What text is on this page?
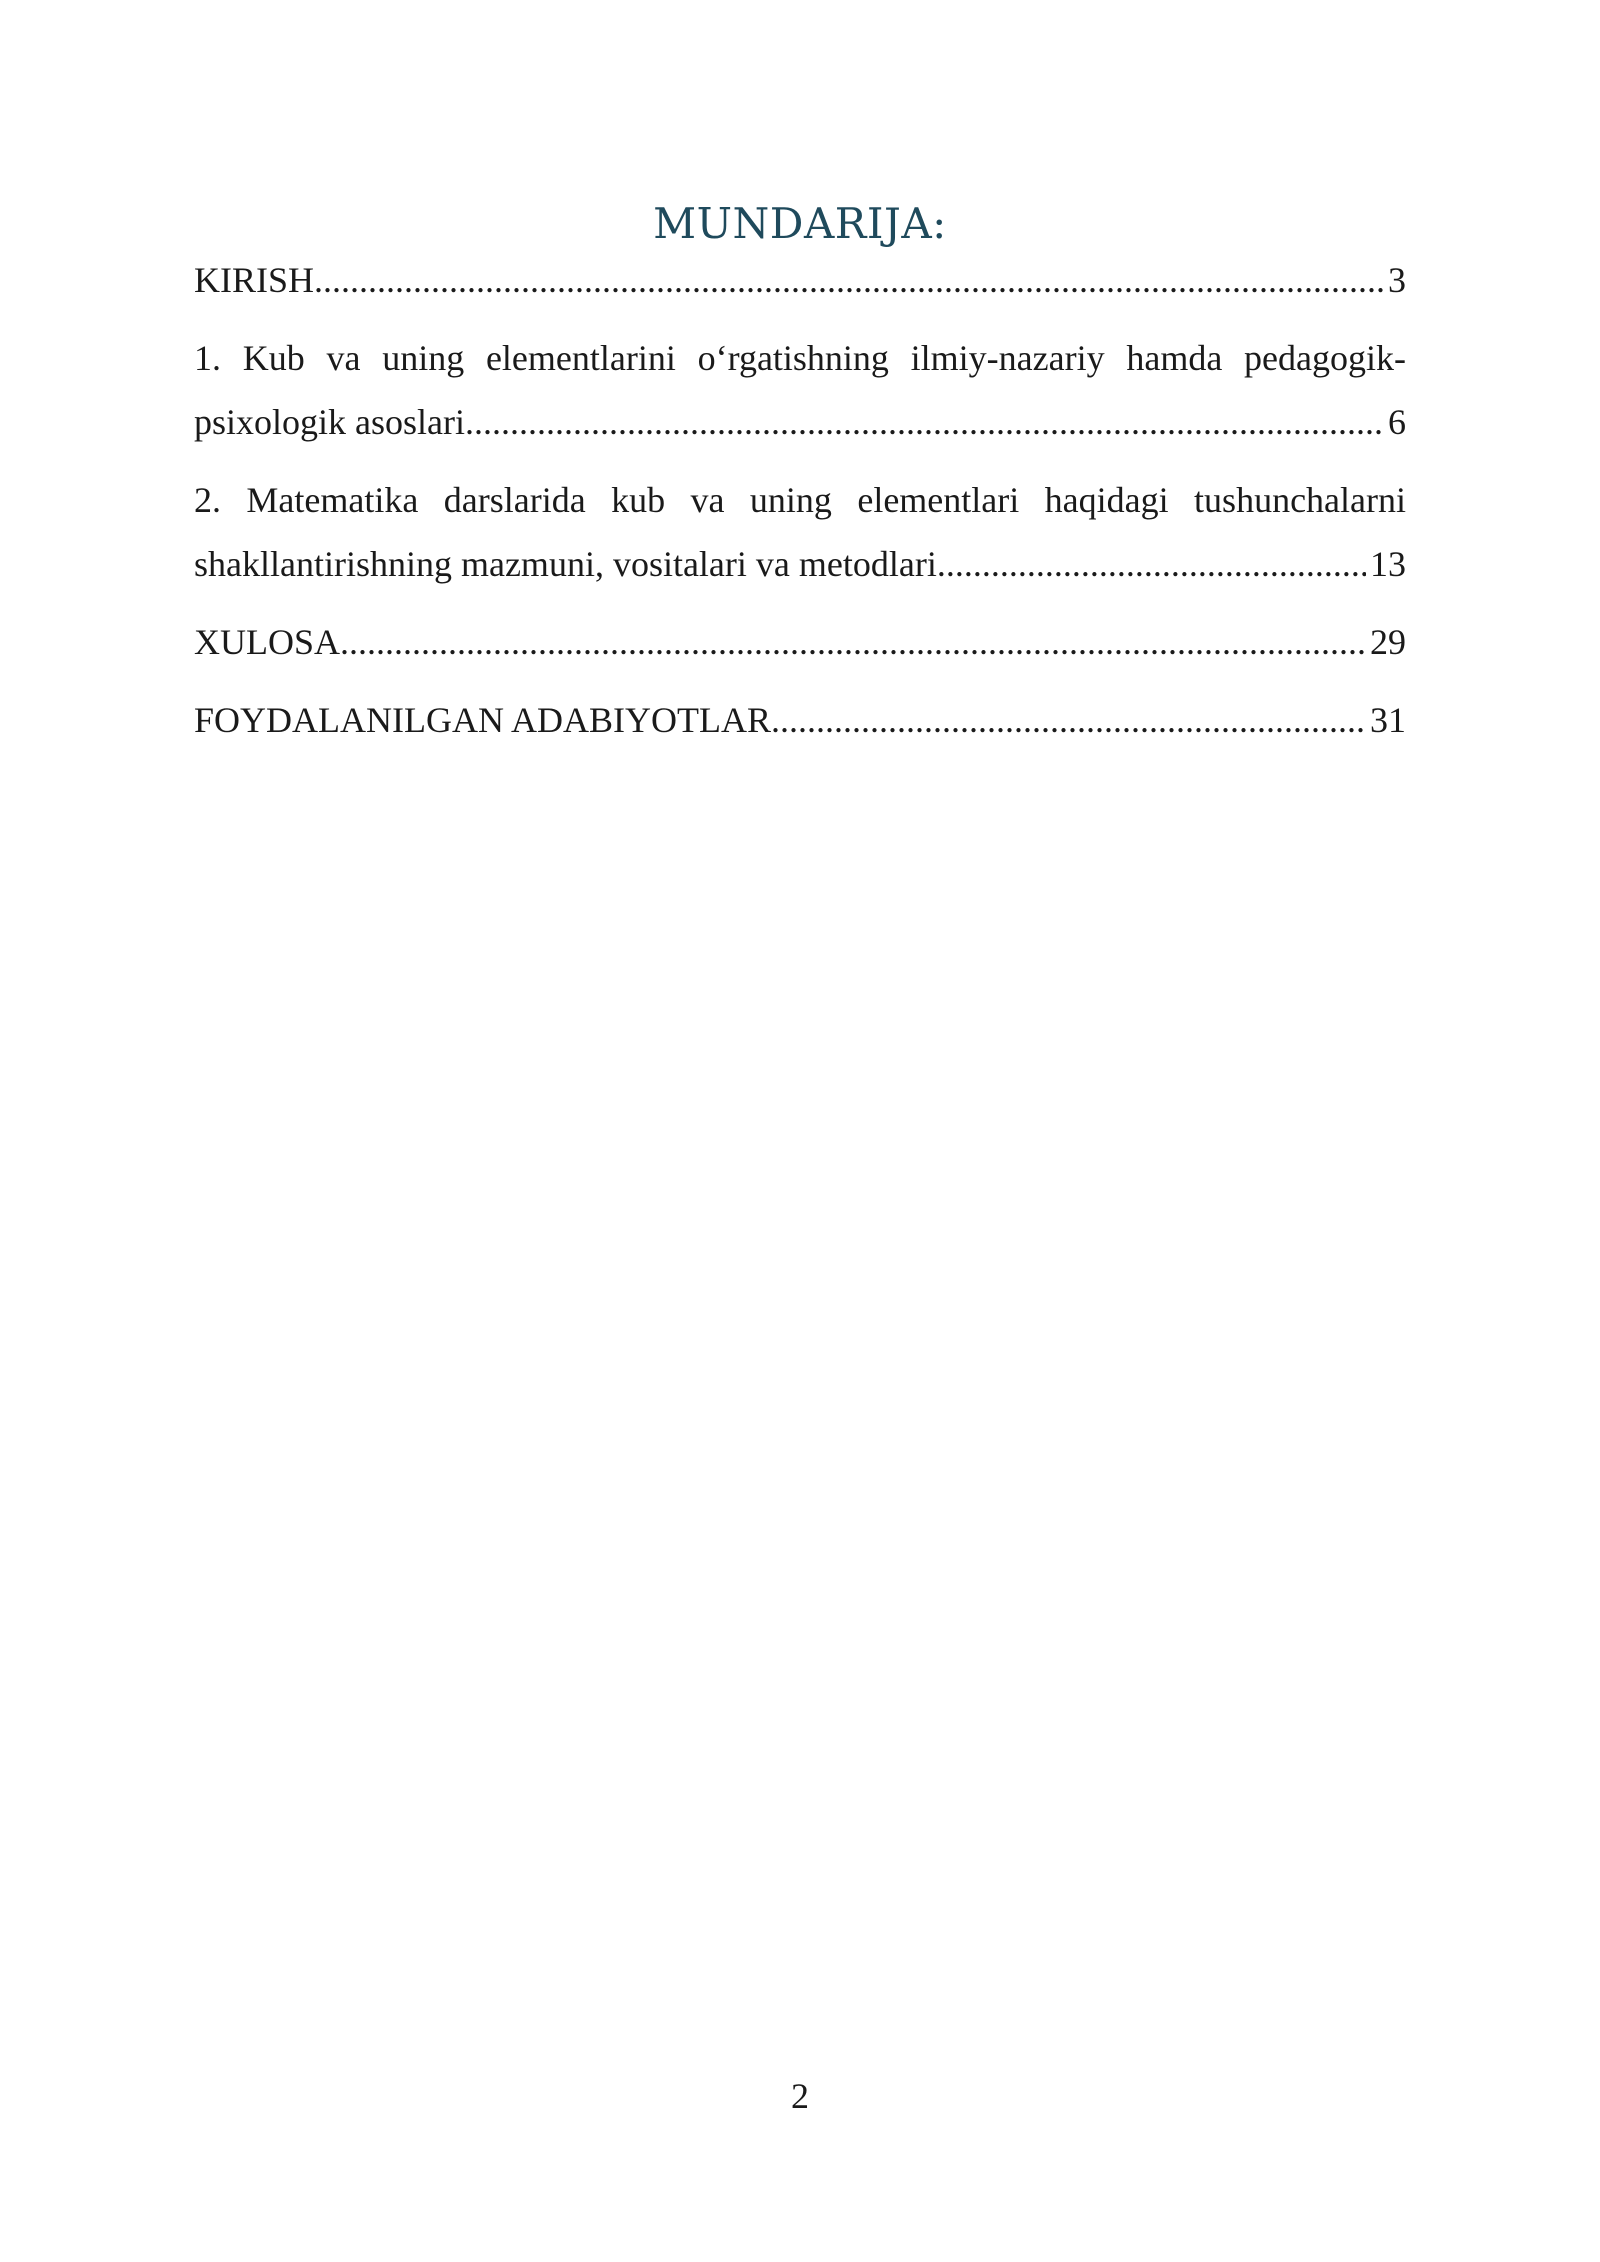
MUNDARIJA:
KIRISH .....	3
1. Kub va uning elementlarini o‘rgatishning ilmiy-nazariy hamda pedagogik-
psixologik asoslari .....	6
2. Matematika darslarida kub va uning elementlari haqidagi tushunchalarni
shakllantirishning mazmuni, vositalari va metodlari .....	13
XULOSA .....	29
FOYDALANILGAN ADABIYOTLAR .....	31
2
